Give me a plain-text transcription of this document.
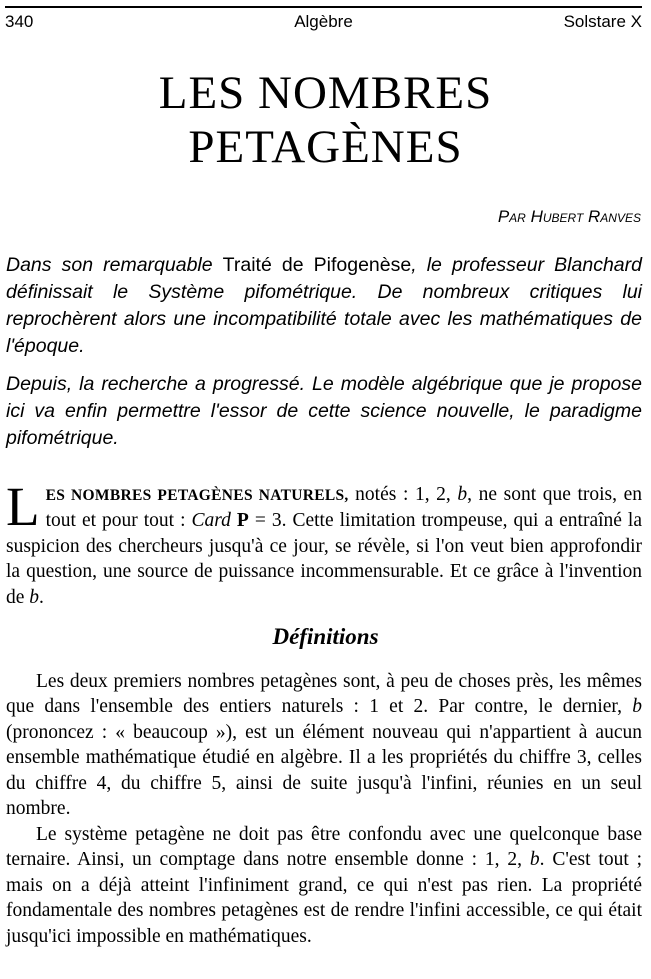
340	Algèbre	Solstare X
LES NOMBRES
PETAGÈNES
Par Hubert Ranves

Dans son remarquable Traité de Pifogenèse, le professeur Blanchard définissait le Système pifométrique. De nombreux critiques lui reprochèrent alors une incompatibilité totale avec les mathématiques de l'époque.

Depuis, la recherche a progressé. Le modèle algébrique que je propose ici va enfin permettre l'essor de cette science nouvelle, le paradigme pifométrique.

LES NOMBRES PETAGÈNES NATURELS, notés : 1, 2, b, ne sont que trois, en tout et pour tout : Card P = 3. Cette limitation trompeuse, qui a entraîné la suspicion des chercheurs jusqu'à ce jour, se révèle, si l'on veut bien approfondir la question, une source de puissance incommensurable. Et ce grâce à l'invention de b.

Définitions

Les deux premiers nombres petagènes sont, à peu de choses près, les mêmes que dans l'ensemble des entiers naturels : 1 et 2. Par contre, le dernier, b (prononcez : « beaucoup »), est un élément nouveau qui n'appartient à aucun ensemble mathématique étudié en algèbre. Il a les propriétés du chiffre 3, celles du chiffre 4, du chiffre 5, ainsi de suite jusqu'à l'infini, réunies en un seul nombre.

Le système petagène ne doit pas être confondu avec une quelconque base ternaire. Ainsi, un comptage dans notre ensemble donne : 1, 2, b. C'est tout ; mais on a déjà atteint l'infiniment grand, ce qui n'est pas rien. La propriété fondamentale des nombres petagènes est de rendre l'infini accessible, ce qui était jusqu'ici impossible en mathématiques.
